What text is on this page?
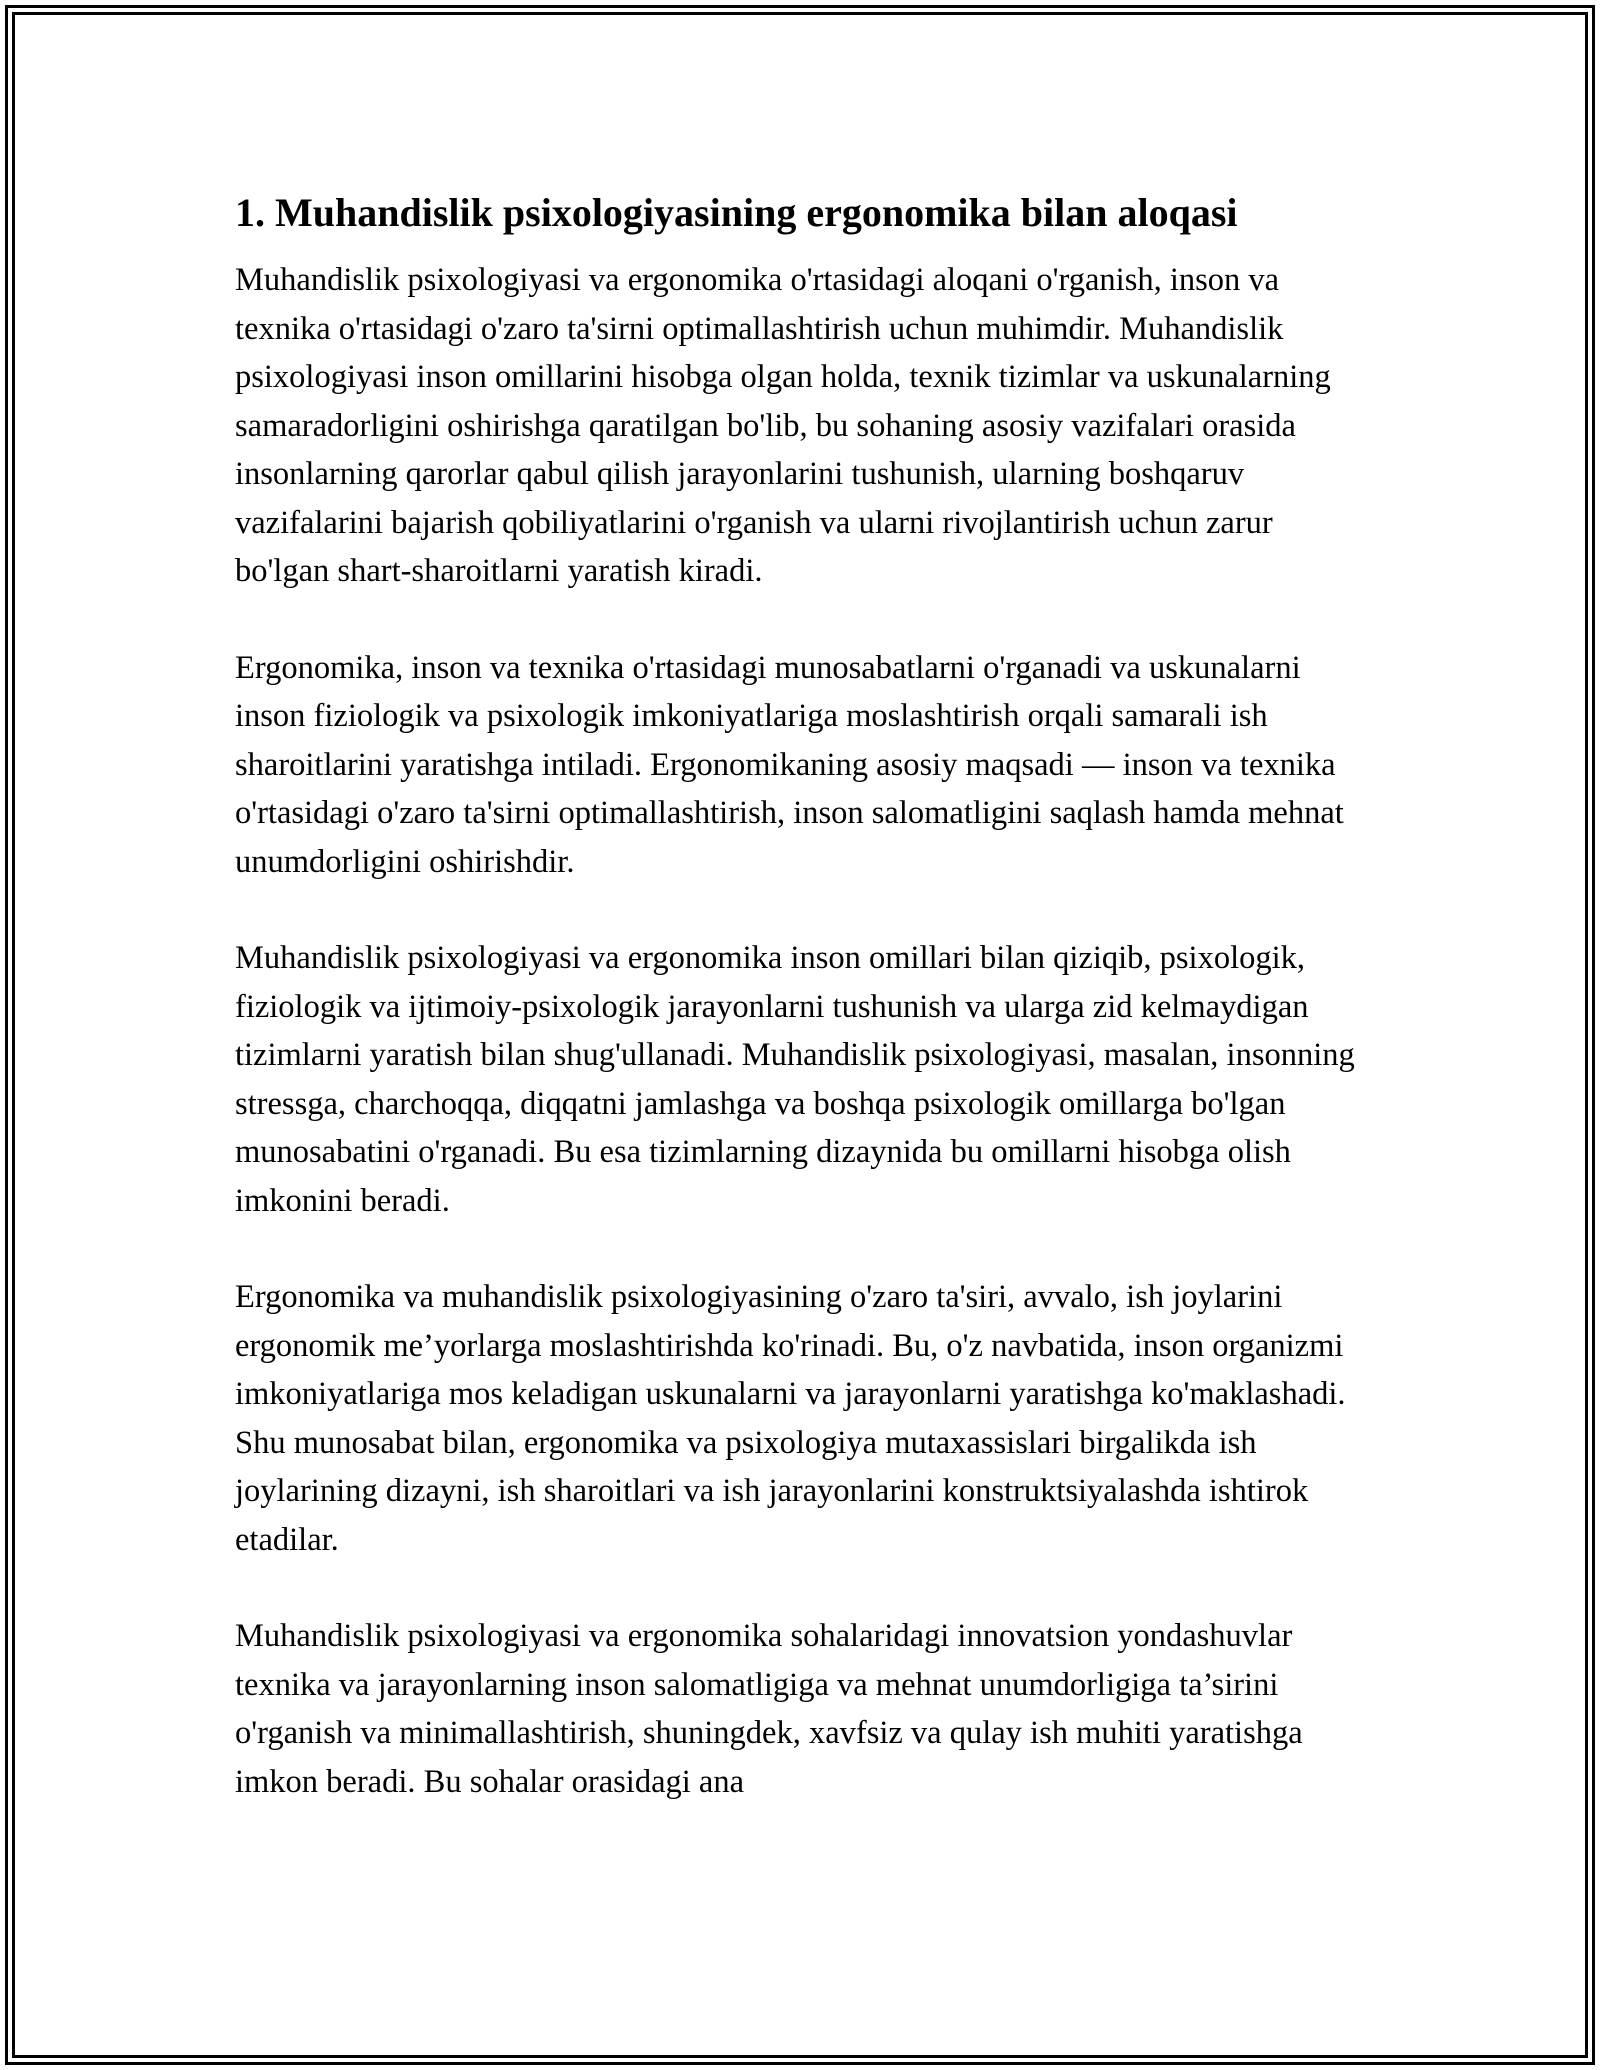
1. Muhandislik psixologiyasining ergonomika bilan aloqasi

Muhandislik psixologiyasi va ergonomika o'rtasidagi aloqani o'rganish, inson va texnika o'rtasidagi o'zaro ta'sirni optimallashtirish uchun muhimdir. Muhandislik psixologiyasi inson omillarini hisobga olgan holda, texnik tizimlar va uskunalarning samaradorligini oshirishga qaratilgan bo'lib, bu sohaning asosiy vazifalari orasida insonlarning qarorlar qabul qilish jarayonlarini tushunish, ularning boshqaruv vazifalarini bajarish qobiliyatlarini o'rganish va ularni rivojlantirish uchun zarur bo'lgan shart-sharoitlarni yaratish kiradi.

Ergonomika, inson va texnika o'rtasidagi munosabatlarni o'rganadi va uskunalarni inson fiziologik va psixologik imkoniyatlariga moslashtirish orqali samarali ish sharoitlarini yaratishga intiladi. Ergonomikaning asosiy maqsadi — inson va texnika o'rtasidagi o'zaro ta'sirni optimallashtirish, inson salomatligini saqlash hamda mehnat unumdorligini oshirishdir.

Muhandislik psixologiyasi va ergonomika inson omillari bilan qiziqib, psixologik, fiziologik va ijtimoiy-psixologik jarayonlarni tushunish va ularga zid kelmaydigan tizimlarni yaratish bilan shug'ullanadi. Muhandislik psixologiyasi, masalan, insonning stressga, charchoqqa, diqqatni jamlashga va boshqa psixologik omillarga bo'lgan munosabatini o'rganadi. Bu esa tizimlarning dizaynida bu omillarni hisobga olish imkonini beradi.

Ergonomika va muhandislik psixologiyasining o'zaro ta'siri, avvalo, ish joylarini ergonomik me’yorlarga moslashtirishda ko'rinadi. Bu, o'z navbatida, inson organizmi imkoniyatlariga mos keladigan uskunalarni va jarayonlarni yaratishga ko'maklashadi. Shu munosabat bilan, ergonomika va psixologiya mutaxassislari birgalikda ish joylarining dizayni, ish sharoitlari va ish jarayonlarini konstruktsiyalashda ishtirok etadilar.

Muhandislik psixologiyasi va ergonomika sohalaridagi innovatsion yondashuvlar texnika va jarayonlarning inson salomatligiga va mehnat unumdorligiga ta’sirini o'rganish va minimallashtirish, shuningdek, xavfsiz va qulay ish muhiti yaratishga imkon beradi. Bu sohalar orasidagi ana
